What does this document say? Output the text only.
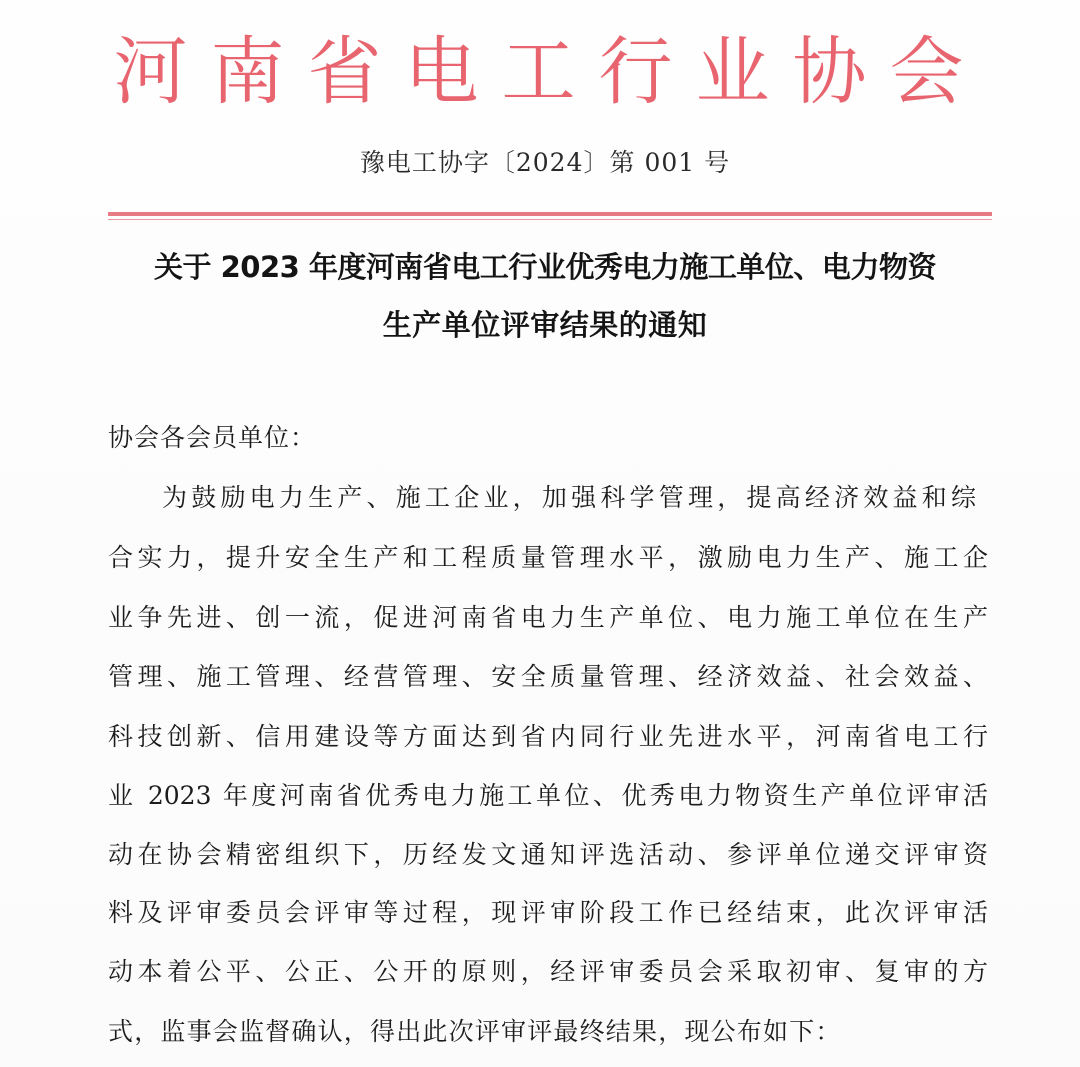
河南省电工行业协会
豫电工协字〔2024〕第 001 号
关于 2023 年度河南省电工行业优秀电力施工单位、电力物资
生产单位评审结果的通知
协会各会员单位：
为鼓励电力生产、施工企业，加强科学管理，提高经济效益和综
合实力，提升安全生产和工程质量管理水平，激励电力生产、施工企
业争先进、创一流，促进河南省电力生产单位、电力施工单位在生产
管理、施工管理、经营管理、安全质量管理、经济效益、社会效益、
科技创新、信用建设等方面达到省内同行业先进水平，河南省电工行
业 2023 年度河南省优秀电力施工单位、优秀电力物资生产单位评审活
动在协会精密组织下，历经发文通知评选活动、参评单位递交评审资
料及评审委员会评审等过程，现评审阶段工作已经结束，此次评审活
动本着公平、公正、公开的原则，经评审委员会采取初审、复审的方
式，监事会监督确认，得出此次评审评最终结果，现公布如下：
